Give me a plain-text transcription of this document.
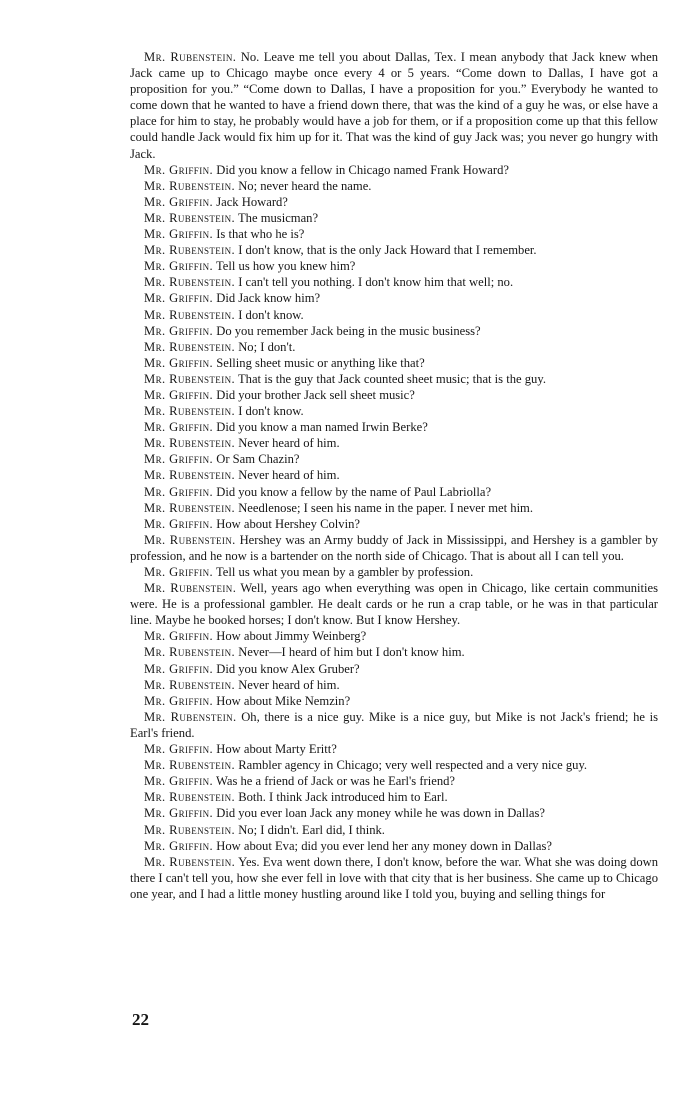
Mr. Rubenstein. No. Leave me tell you about Dallas, Tex. I mean anybody that Jack knew when Jack came up to Chicago maybe once every 4 or 5 years. “Come down to Dallas, I have got a proposition for you.” “Come down to Dallas, I have a proposition for you.” Everybody he wanted to come down that he wanted to have a friend down there, that was the kind of a guy he was, or else have a place for him to stay, he probably would have a job for them, or if a proposition come up that this fellow could handle Jack would fix him up for it. That was the kind of guy Jack was; you never go hungry with Jack.

Mr. Griffin. Did you know a fellow in Chicago named Frank Howard?

Mr. Rubenstein. No; never heard the name.

Mr. Griffin. Jack Howard?

Mr. Rubenstein. The musicman?

Mr. Griffin. Is that who he is?

Mr. Rubenstein. I don't know, that is the only Jack Howard that I remember.

Mr. Griffin. Tell us how you knew him?

Mr. Rubenstein. I can't tell you nothing. I don't know him that well; no.

Mr. Griffin. Did Jack know him?

Mr. Rubenstein. I don't know.

Mr. Griffin. Do you remember Jack being in the music business?

Mr. Rubenstein. No; I don't.

Mr. Griffin. Selling sheet music or anything like that?

Mr. Rubenstein. That is the guy that Jack counted sheet music; that is the guy.

Mr. Griffin. Did your brother Jack sell sheet music?

Mr. Rubenstein. I don't know.

Mr. Griffin. Did you know a man named Irwin Berke?

Mr. Rubenstein. Never heard of him.

Mr. Griffin. Or Sam Chazin?

Mr. Rubenstein. Never heard of him.

Mr. Griffin. Did you know a fellow by the name of Paul Labriolla?

Mr. Rubenstein. Needlenose; I seen his name in the paper. I never met him.

Mr. Griffin. How about Hershey Colvin?

Mr. Rubenstein. Hershey was an Army buddy of Jack in Mississippi, and Hershey is a gambler by profession, and he now is a bartender on the north side of Chicago. That is about all I can tell you.

Mr. Griffin. Tell us what you mean by a gambler by profession.

Mr. Rubenstein. Well, years ago when everything was open in Chicago, like certain communities were. He is a professional gambler. He dealt cards or he run a crap table, or he was in that particular line. Maybe he booked horses; I don't know. But I know Hershey.

Mr. Griffin. How about Jimmy Weinberg?

Mr. Rubenstein. Never—I heard of him but I don't know him.

Mr. Griffin. Did you know Alex Gruber?

Mr. Rubenstein. Never heard of him.

Mr. Griffin. How about Mike Nemzin?

Mr. Rubenstein. Oh, there is a nice guy. Mike is a nice guy, but Mike is not Jack's friend; he is Earl's friend.

Mr. Griffin. How about Marty Eritt?

Mr. Rubenstein. Rambler agency in Chicago; very well respected and a very nice guy.

Mr. Griffin. Was he a friend of Jack or was he Earl's friend?

Mr. Rubenstein. Both. I think Jack introduced him to Earl.

Mr. Griffin. Did you ever loan Jack any money while he was down in Dallas?

Mr. Rubenstein. No; I didn't. Earl did, I think.

Mr. Griffin. How about Eva; did you ever lend her any money down in Dallas?

Mr. Rubenstein. Yes. Eva went down there, I don't know, before the war. What she was doing down there I can't tell you, how she ever fell in love with that city that is her business. She came up to Chicago one year, and I had a little money hustling around like I told you, buying and selling things for

22
